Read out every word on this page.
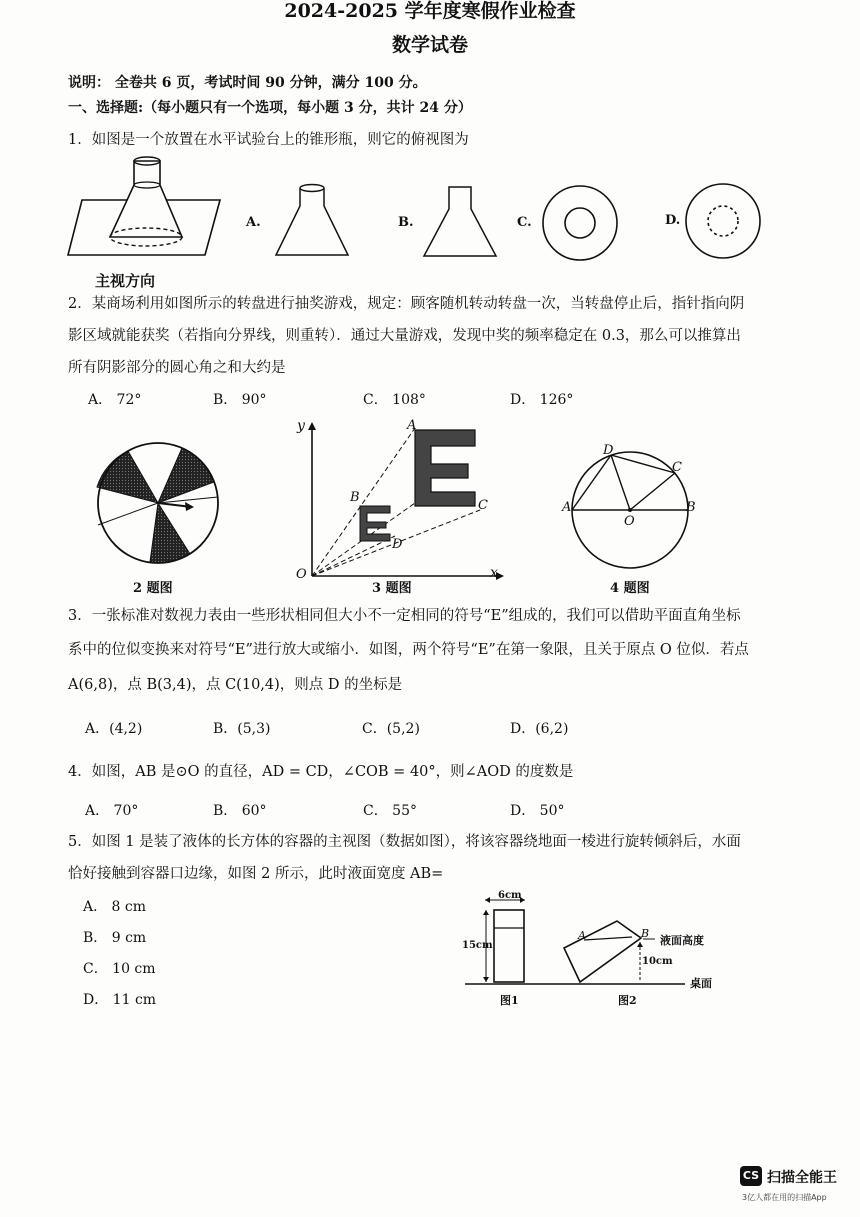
2024-2025 学年度寒假作业检查
数学试卷
说明： 全卷共 6 页，考试时间 90 分钟，满分 100 分。
一、选择题:（每小题只有一个选项，每小题 3 分，共计 24 分）
1．如图是一个放置在水平试验台上的锥形瓶，则它的俯视图为
主视方向
A.	B.	C.	D.
2．某商场利用如图所示的转盘进行抽奖游戏，规定：顾客随机转动转盘一次，当转盘停止后，指针指向阴
影区域就能获奖（若指向分界线，则重转）．通过大量游戏，发现中奖的频率稳定在 0.3，那么可以推算出
所有阴影部分的圆心角之和大约是
A． 72°	B． 90°	C． 108°	D． 126°
2 题图
y
x
O
A
B
C
D
3 题图
D
C
A	B
O
4 题图
3．一张标准对数视力表由一些形状相同但大小不一定相同的符号“E”组成的，我们可以借助平面直角坐标
系中的位似变换来对符号“E”进行放大或缩小．如图，两个符号“E”在第一象限，且关于原点 O 位似．若点
A(6,8)，点 B(3,4)，点 C(10,4)，则点 D 的坐标是
A．(4,2)	B．(5,3)	C．(5,2)	D．(6,2)
4．如图，AB 是⊙O 的直径，AD = CD，∠COB = 40°，则∠AOD 的度数是
A． 70°	B． 60°	C． 55°	D． 50°
5．如图 1 是装了液体的长方体的容器的主视图（数据如图），将该容器绕地面一棱进行旋转倾斜后，水面
恰好接触到容器口边缘，如图 2 所示，此时液面宽度 AB=
A． 8 cm
B． 9 cm
C． 10 cm
D． 11 cm
6cm
15cm
A	B
液面高度
10cm
桌面
图1	图2
CS 扫描全能王
3亿人都在用的扫描App
